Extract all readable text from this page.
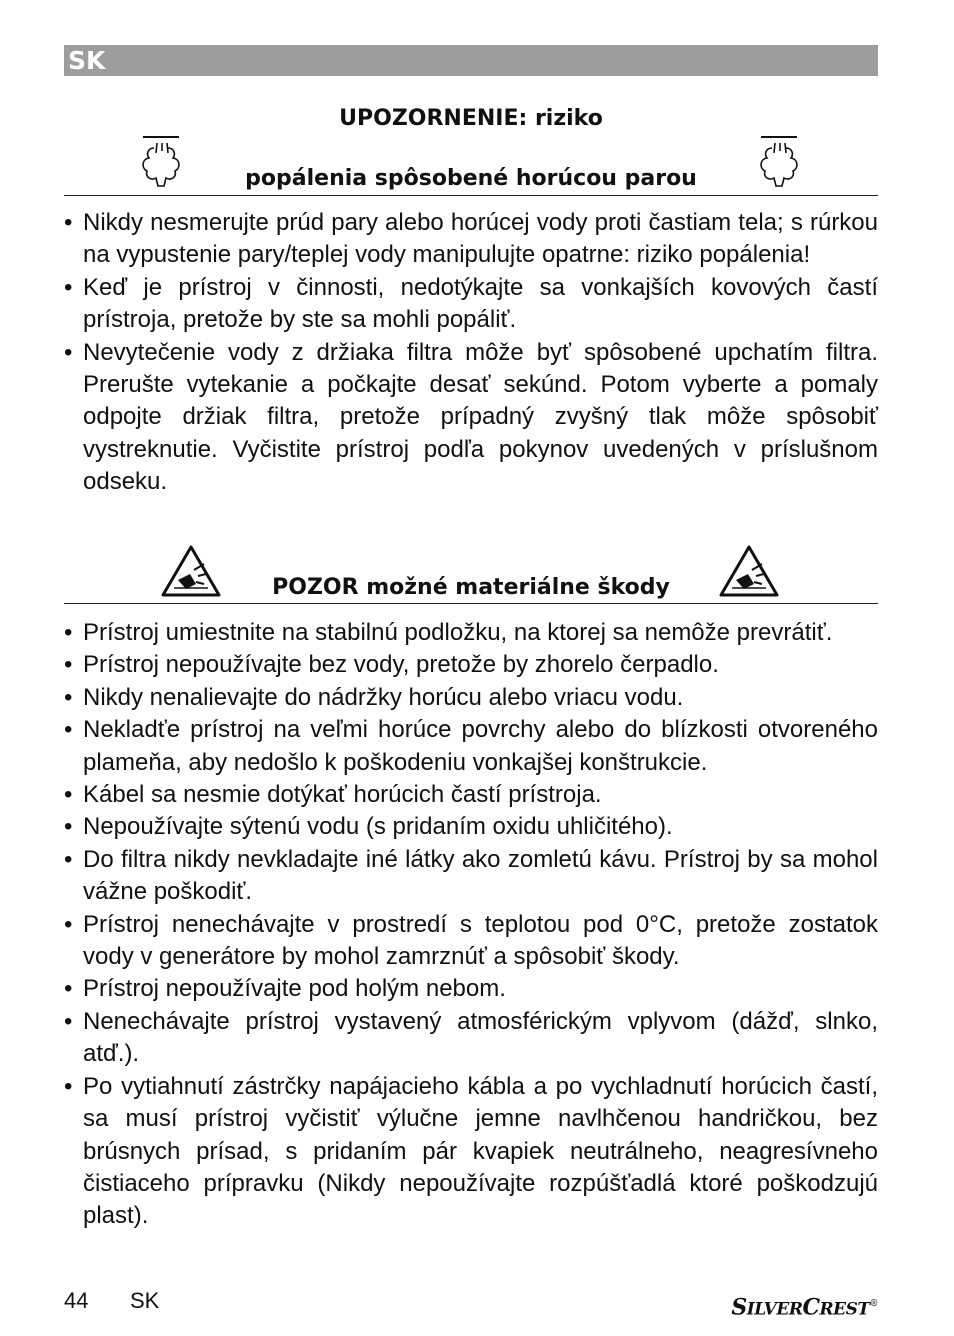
SK
UPOZORNENIE: riziko
popálenia spôsobené horúcou parou
• Nikdy nesmerujte prúd pary alebo horúcej vody proti častiam tela; s rúrkou na vypustenie pary/teplej vody manipulujte opatrne: riziko popálenia!
• Keď je prístroj v činnosti, nedotýkajte sa vonkajších kovových častí prístroja, pretože by ste sa mohli popáliť.
• Nevytečenie vody z držiaka filtra môže byť spôsobené upchatím filtra. Prerušte vytekanie a počkajte desať sekúnd. Potom vyberte a pomaly odpojte držiak filtra, pretože prípadný zvyšný tlak môže spôsobiť vystreknutie. Vyčistite prístroj podľa pokynov uvedených v príslušnom odseku.
POZOR možné materiálne škody
• Prístroj umiestnite na stabilnú podložku, na ktorej sa nemôže prevrátiť.
• Prístroj nepoužívajte bez vody, pretože by zhorelo čerpadlo.
• Nikdy nenalievajte do nádržky horúcu alebo vriacu vodu.
• Nekladťe prístroj na veľmi horúce povrchy alebo do blízkosti otvoreného plameňa, aby nedošlo k poškodeniu vonkajšej konštrukcie.
• Kábel sa nesmie dotýkať horúcich častí prístroja.
• Nepoužívajte sýtenú vodu (s pridaním oxidu uhličitého).
• Do filtra nikdy nevkladajte iné látky ako zomletú kávu. Prístroj by sa mohol vážne poškodiť.
• Prístroj nenechávajte v prostredí s teplotou pod 0°C, pretože zostatok vody v generátore by mohol zamrznúť a spôsobiť škody.
• Prístroj nepoužívajte pod holým nebom.
• Nenechávajte prístroj vystavený atmosférickým vplyvom (dážď, slnko, atď.).
• Po vytiahnutí zástrčky napájacieho kábla a po vychladnutí horúcich častí, sa musí prístroj vyčistiť výlučne jemne navlhčenou handričkou, bez brúsnych prísad, s pridaním pár kvapiek neutrálneho, neagresívneho čistiaceho prípravku (Nikdy nepoužívajte rozpúšťadlá ktoré poškodzujú plast).
44 SK	SILVERCREST®
